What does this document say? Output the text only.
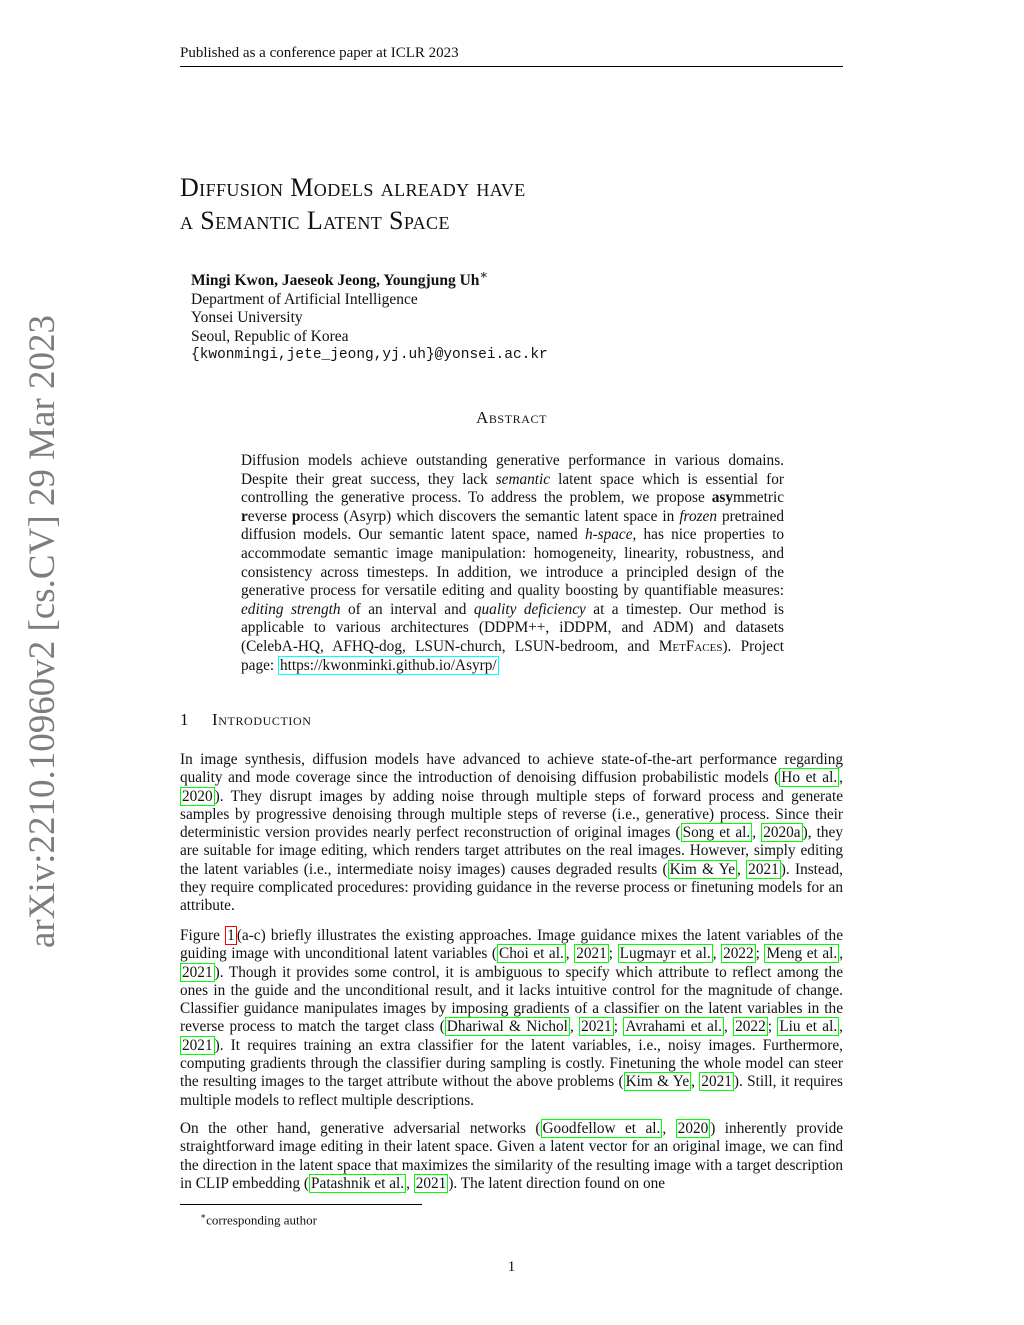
Published as a conference paper at ICLR 2023
arXiv:2210.10960v2 [cs.CV] 29 Mar 2023
Diffusion Models already have
a Semantic Latent Space
Mingi Kwon, Jaeseok Jeong, Youngjung Uh∗
Department of Artificial Intelligence
Yonsei University
Seoul, Republic of Korea
{kwonmingi,jete_jeong,yj.uh}@yonsei.ac.kr
Abstract
Diffusion models achieve outstanding generative performance in various domains. Despite their great success, they lack semantic latent space which is essential for controlling the generative process. To address the problem, we propose asymmetric reverse process (Asyrp) which discovers the semantic latent space in frozen pretrained diffusion models. Our semantic latent space, named h-space, has nice properties to accommodate semantic image manipulation: homogeneity, linearity, robustness, and consistency across timesteps. In addition, we introduce a principled design of the generative process for versatile editing and quality boosting by quantifiable measures: editing strength of an interval and quality deficiency at a timestep. Our method is applicable to various architectures (DDPM++, iDDPM, and ADM) and datasets (CelebA-HQ, AFHQ-dog, LSUN-church, LSUN-bedroom, and MetFaces). Project page: https://kwonminki.github.io/Asyrp/
1 Introduction
In image synthesis, diffusion models have advanced to achieve state-of-the-art performance regarding quality and mode coverage since the introduction of denoising diffusion probabilistic models ( Ho et al. , 2020 ). They disrupt images by adding noise through multiple steps of forward process and generate samples by progressive denoising through multiple steps of reverse (i.e., generative) process. Since their deterministic version provides nearly perfect reconstruction of original images ( Song et al. , 2020a ), they are suitable for image editing, which renders target attributes on the real images. However, simply editing the latent variables (i.e., intermediate noisy images) causes degraded results ( Kim & Ye , 2021 ). Instead, they require complicated procedures: providing guidance in the reverse process or finetuning models for an attribute.
Figure 1 (a-c) briefly illustrates the existing approaches. Image guidance mixes the latent variables of the guiding image with unconditional latent variables ( Choi et al. , 2021 ; Lugmayr et al. , 2022 ; Meng et al. , 2021 ). Though it provides some control, it is ambiguous to specify which attribute to reflect among the ones in the guide and the unconditional result, and it lacks intuitive control for the magnitude of change. Classifier guidance manipulates images by imposing gradients of a classifier on the latent variables in the reverse process to match the target class ( Dhariwal & Nichol , 2021 ; Avrahami et al. , 2022 ; Liu et al. , 2021 ). It requires training an extra classifier for the latent variables, i.e., noisy images. Furthermore, computing gradients through the classifier during sampling is costly. Finetuning the whole model can steer the resulting images to the target attribute without the above problems ( Kim & Ye , 2021 ). Still, it requires multiple models to reflect multiple descriptions.
On the other hand, generative adversarial networks ( Goodfellow et al. , 2020 ) inherently provide straightforward image editing in their latent space. Given a latent vector for an original image, we can find the direction in the latent space that maximizes the similarity of the resulting image with a target description in CLIP embedding ( Patashnik et al. , 2021 ). The latent direction found on one
∗corresponding author
1
